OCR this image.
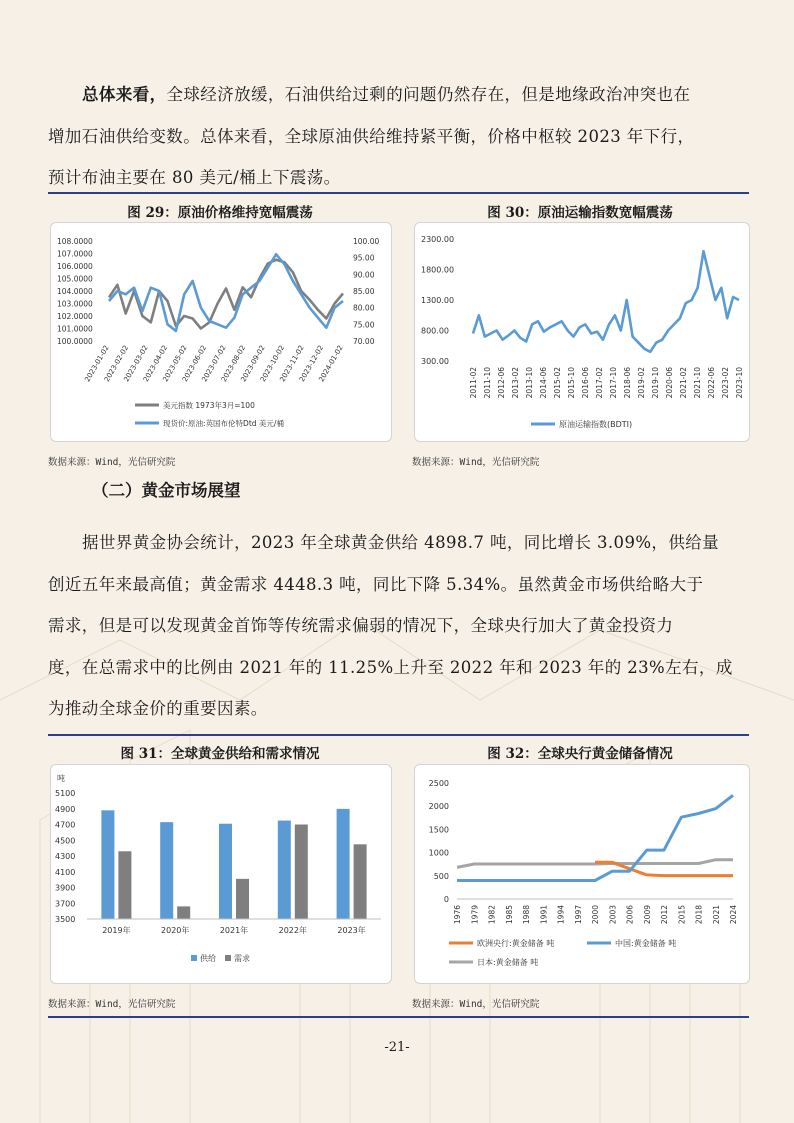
总体来看，全球经济放缓，石油供给过剩的问题仍然存在，但是地缘政治冲突也在
增加石油供给变数。总体来看，全球原油供给维持紧平衡，价格中枢较 2023 年下行，
预计布油主要在 80 美元/桶上下震荡。
图 29：原油价格维持宽幅震荡
108.0000
107.0000
106.0000
105.0000
104.0000
103.0000
102.0000
101.0000
100.0000
100.00
95.00
90.00
85.00
80.00
75.00
70.00
2023-01-02
2023-02-02
2023-03-02
2023-04-02
2023-05-02
2023-06-02
2023-07-02
2023-08-02
2023-09-02
2023-10-02
2023-11-02
2023-12-02
2024-01-02
美元指数 1973年3月=100
现货价:原油:英国布伦特Dtd 美元/桶
数据来源：Wind，光信研究院
图 30：原油运输指数宽幅震荡
2300.00
1800.00
1300.00
800.00
300.00
2011-02 2011-10 2012-06 2013-02 2013-10 2014-06 2015-02 2015-10 2016-06 2017-02 2017-10 2018-06 2019-02 2019-10 2020-06 2021-02 2021-10 2022-06 2023-02 2023-10
原油运输指数(BDTI)
数据来源：Wind，光信研究院
（二）黄金市场展望
据世界黄金协会统计，2023 年全球黄金供给 4898.7 吨，同比增长 3.09%，供给量
创近五年来最高值；黄金需求 4448.3 吨，同比下降 5.34%。虽然黄金市场供给略大于
需求，但是可以发现黄金首饰等传统需求偏弱的情况下，全球央行加大了黄金投资力
度，在总需求中的比例由 2021 年的 11.25%上升至 2022 年和 2023 年的 23%左右，成
为推动全球金价的重要因素。
图 31：全球黄金供给和需求情况
吨
5100
4900
4700
4500
4300
4100
3900
3700
3500
2019年	2020年	2021年	2022年	2023年
供给 需求
数据来源：Wind，光信研究院
图 32：全球央行黄金储备情况
2500
2000
1500
1000
500
0
1976 1979 1982 1985 1988 1991 1994 1997 2000 2003 2006 2009 2012 2015 2018 2021 2024
欧洲央行:黄金储备 吨	中国:黄金储备 吨
日本:黄金储备 吨
数据来源：Wind，光信研究院
-21-
